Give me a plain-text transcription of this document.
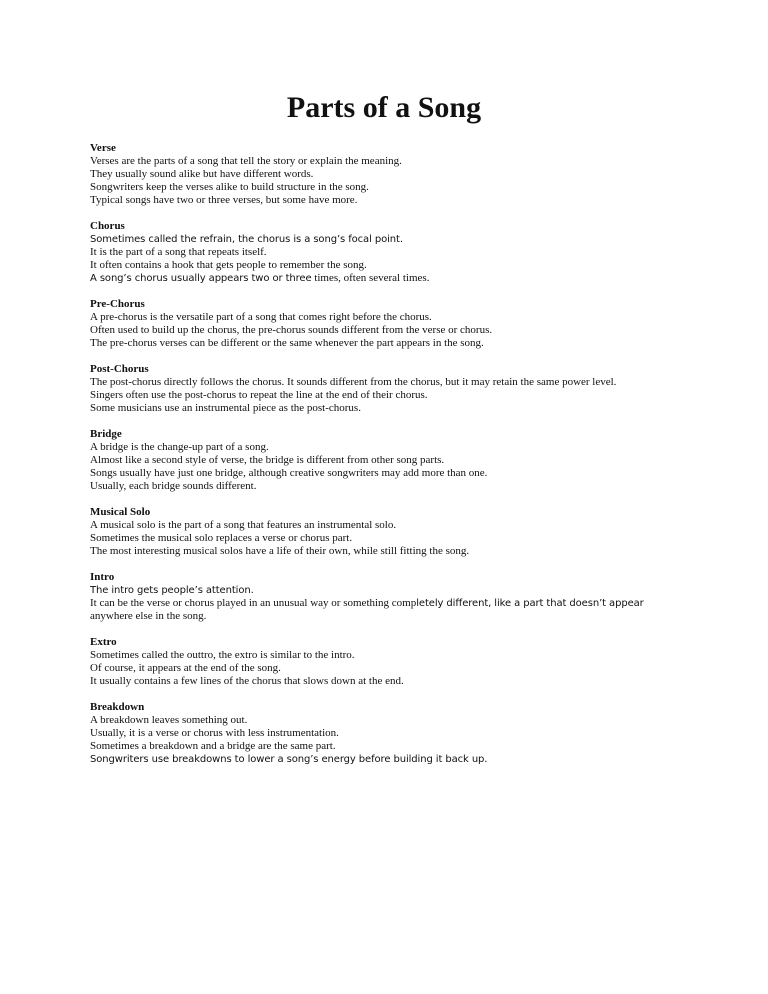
Parts of a Song

Verse

Verses are the parts of a song that tell the story or explain the meaning.

They usually sound alike but have different words.

Songwriters keep the verses alike to build structure in the song.

Typical songs have two or three verses, but some have more.

Chorus

Sometimes called the refrain, the chorus is a song’s focal point.

It is the part of a song that repeats itself.

It often contains a hook that gets people to remember the song.

A song’s chorus usually appears two or three times, often several times.

Pre-Chorus

A pre-chorus is the versatile part of a song that comes right before the chorus.

Often used to build up the chorus, the pre-chorus sounds different from the verse or chorus.

The pre-chorus verses can be different or the same whenever the part appears in the song.

Post-Chorus

The post-chorus directly follows the chorus. It sounds different from the chorus, but it may retain the same power level.

Singers often use the post-chorus to repeat the line at the end of their chorus.

Some musicians use an instrumental piece as the post-chorus.

Bridge

A bridge is the change-up part of a song.

Almost like a second style of verse, the bridge is different from other song parts.

Songs usually have just one bridge, although creative songwriters may add more than one.

Usually, each bridge sounds different.

Musical Solo

A musical solo is the part of a song that features an instrumental solo.

Sometimes the musical solo replaces a verse or chorus part.

The most interesting musical solos have a life of their own, while still fitting the song.

Intro

The intro gets people’s attention.

It can be the verse or chorus played in an unusual way or something completely different, like a part that doesn’t appear

anywhere else in the song.

Extro

Sometimes called the outtro, the extro is similar to the intro.

Of course, it appears at the end of the song.

It usually contains a few lines of the chorus that slows down at the end.

Breakdown

A breakdown leaves something out.

Usually, it is a verse or chorus with less instrumentation.

Sometimes a breakdown and a bridge are the same part.

Songwriters use breakdowns to lower a song’s energy before building it back up.
